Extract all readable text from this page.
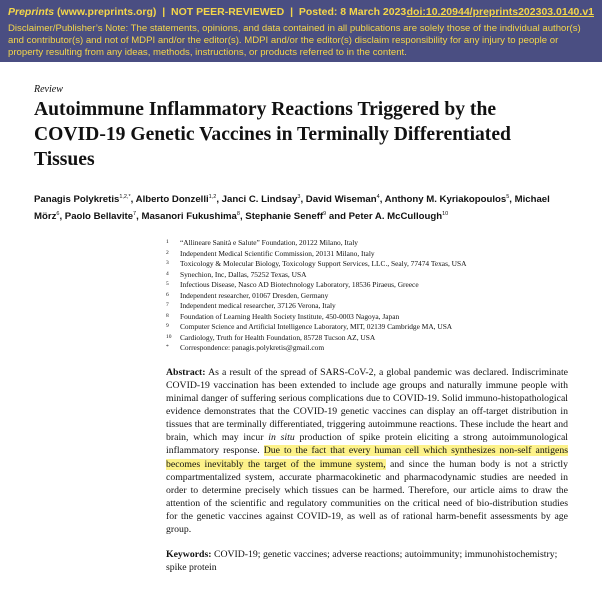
Preprints (www.preprints.org) | NOT PEER-REVIEWED | Posted: 8 March 2023 doi:10.20944/preprints202303.0140.v1
Disclaimer/Publisher’s Note: The statements, opinions, and data contained in all publications are solely those of the individual author(s) and contributor(s) and not of MDPI and/or the editor(s). MDPI and/or the editor(s) disclaim responsibility for any injury to people or property resulting from any ideas, methods, instructions, or products referred to in the content.
Review
Autoimmune Inflammatory Reactions Triggered by the COVID-19 Genetic Vaccines in Terminally Differentiated Tissues
Panagis Polykretis$^{1,2,*}$, Alberto Donzelli$^{1,2}$, Janci C. Lindsay$^3$, David Wiseman$^4$, Anthony M. Kyriakopoulos$^5$, Michael Mörz$^6$, Paolo Bellavite$^7$, Masanori Fukushima$^8$, Stephanie Seneff$^9$ and Peter A. McCullough$^{10}$
1	“Allineare Sanità e Salute” Foundation, 20122 Milano, Italy
2	Independent Medical Scientific Commission, 20131 Milano, Italy
3	Toxicology & Molecular Biology, Toxicology Support Services, LLC., Sealy, 77474 Texas, USA
4	Synechion, Inc, Dallas, 75252 Texas, USA
5	Infectious Disease, Nasco AD Biotechnology Laboratory, 18536 Piraeus, Greece
6	Independent researcher, 01067 Dresden, Germany
7	Independent medical researcher, 37126 Verona, Italy
8	Foundation of Learning Health Society Institute, 450-0003 Nagoya, Japan
9	Computer Science and Artificial Intelligence Laboratory, MIT, 02139 Cambridge MA, USA
10	Cardiology, Truth for Health Foundation, 85728 Tucson AZ, USA
*	Correspondence: panagis.polykretis@gmail.com
Abstract: As a result of the spread of SARS-CoV-2, a global pandemic was declared. Indiscriminate COVID-19 vaccination has been extended to include age groups and naturally immune people with minimal danger of suffering serious complications due to COVID-19. Solid immuno-histopathological evidence demonstrates that the COVID-19 genetic vaccines can display an off-target distribution in tissues that are terminally differentiated, triggering autoimmune reactions. These include the heart and brain, which may incur in situ production of spike protein eliciting a strong autoimmunological inflammatory response. Due to the fact that every human cell which synthesizes non-self antigens becomes inevitably the target of the immune system, and since the human body is not a strictly compartmentalized system, accurate pharmacokinetic and pharmacodynamic studies are needed in order to determine precisely which tissues can be harmed. Therefore, our article aims to draw the attention of the scientific and regulatory communities on the critical need of bio-distribution studies for the genetic vaccines against COVID-19, as well as of rational harm-benefit assessments by age group.
Keywords: COVID-19; genetic vaccines; adverse reactions; autoimmunity; immunohistochemistry; spike protein
